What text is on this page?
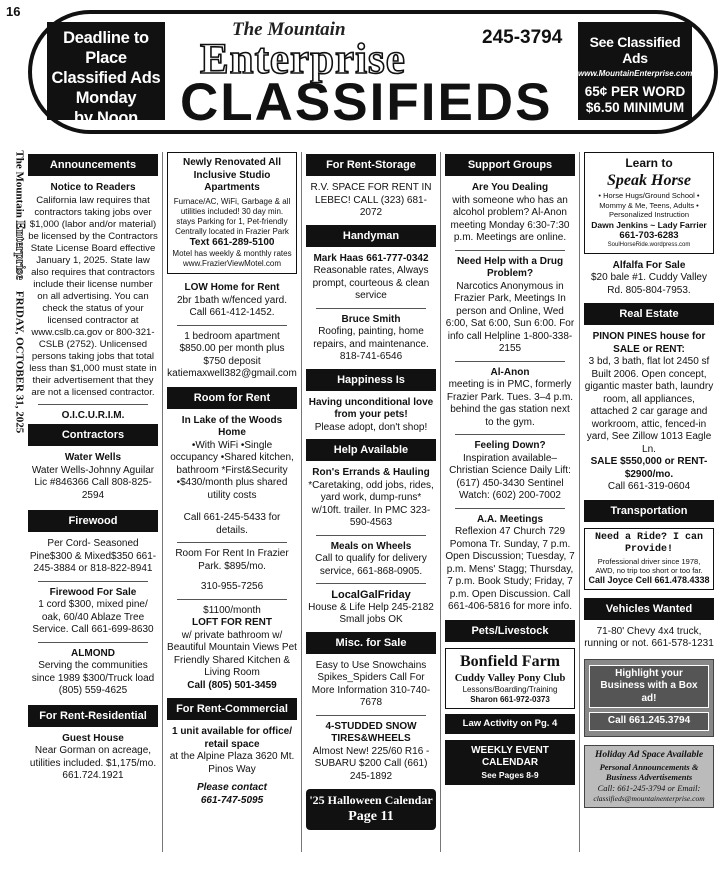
16
Deadline to Place
Classified Ads
Monday
by Noon
The Mountain
Enterprise	245-3794
CLASSIFIEDS
See Classified Ads
www.MountainEnterprise.com
65¢ PER WORD
$6.50 MINIMUM
The Mountain Enterprise    FRIDAY, OCTOBER 31, 2025
Announcements
Notice to Readers
California law requires that contractors taking jobs over $1,000 (labor and/or material) be licensed by the Contractors State License Board effective January 1, 2025. State law also requires that contractors include their license number on all advertising. You can check the status of your licensed contractor at www.cslb.ca.gov or 800-321-CSLB (2752). Unlicensed persons taking jobs that total less than $1,000 must state in their advertisement that they are not a licensed contractor.
O.I.C.U.R.I.M.
Contractors
Water Wells
Water Wells-Johnny Aguilar Lic #846366 Call 808-825-2594
Firewood
Per Cord- Seasoned Pine$300 & Mixed$350 661-245-3884 or 818-822-8941
Firewood For Sale
1 cord $300, mixed pine/ oak, 60/40 Ablaze Tree Service. Call 661-699-8630
ALMOND
Serving the communities since 1989 $300/Truck load (805) 559-4625
For Rent-Residential
Guest House
Near Gorman on acreage, utilities included. $1,175/mo. 661.724.1921
Newly Renovated All Inclusive Studio Apartments
Furnace/AC, WiFi, Garbage & all utilities included! 30 day min. stays Parking for 1, Pet-friendly Centrally located in Frazier Park
Text 661-289-5100
Motel has weekly & monthly rates www.FrazierViewMotel.com
LOW Home for Rent
2br 1bath w/fenced yard. Call 661-412-1452.
1 bedroom apartment $850.00 per month plus $750 deposit katiemaxwell382@gmail.com
Room for Rent
In Lake of the Woods Home
•With WiFi •Single occupancy •Shared kitchen, bathroom *First&Security •$430/month plus shared utility costs
Call 661-245-5433 for details.
Room For Rent In Frazier Park. $895/mo.
310-955-7256
$1100/month
LOFT FOR RENT
w/ private bathroom w/ Beautiful Mountain Views Pet Friendly Shared Kitchen & Living Room
Call (805) 501-3459
For Rent-Commercial
1 unit available for office/ retail space
at the Alpine Plaza 3620 Mt. Pinos Way
Please contact
661-747-5095
For Rent-Storage
R.V. SPACE FOR RENT IN LEBEC! CALL (323) 681-2072
Handyman
Mark Haas 661-777-0342
Reasonable rates, Always prompt, courteous & clean service
Bruce Smith
Roofing, painting, home repairs, and maintenance. 818-741-6546
Happiness Is
Having unconditional love from your pets!
Please adopt, don't shop!
Help Available
Ron's Errands & Hauling
*Caretaking, odd jobs, rides, yard work, dump-runs* w/10ft. trailer. In PMC 323-590-4563
Meals on Wheels
Call to qualify for delivery service, 661-868-0905.
LocalGalFriday
House & Life Help 245-2182 Small jobs OK
Misc. for Sale
Easy to Use Snowchains Spikes_Spiders Call For More Information 310-740-7678
4-STUDDED SNOW TIRES&WHEELS
Almost New! 225/60 R16 - SUBARU $200 Call (661) 245-1892
'25 Halloween Calendar
Page 11
Support Groups
Are You Dealing
with someone who has an alcohol problem? Al-Anon meeting Monday 6:30-7:30 p.m. Meetings are online.
Need Help with a Drug Problem?
Narcotics Anonymous in Frazier Park, Meetings In person and Online, Wed 6:00, Sat 6:00, Sun 6:00. For info call Helpline 1-800-338-2155
Al-Anon
meeting is in PMC, formerly Frazier Park. Tues. 3–4 p.m. behind the gas station next to the gym.
Feeling Down?
Inspiration available– Christian Science Daily Lift: (617) 450-3430 Sentinel Watch: (602) 200-7002
A.A. Meetings
Reflexion 47 Church 729 Pomona Tr. Sunday, 7 p.m. Open Discussion; Tuesday, 7 p.m. Mens' Stagg; Thursday, 7 p.m. Book Study; Friday, 7 p.m. Open Discussion. Call 661-406-5816 for more info.
Pets/Livestock
Bonfield Farm
Cuddy Valley Pony Club
Lessons/Boarding/Training
Sharon 661-972-0373
Law Activity on Pg. 4
WEEKLY EVENT
CALENDAR
See Pages 8-9
Learn to
Speak Horse
• Horse Hugs/Ground School • Mommy & Me, Teens, Adults • Personalized Instruction
Dawn Jenkins ~ Lady Farrier
661-703-6283
SoulHorseRide.wordpress.com
Alfalfa For Sale
$20 bale #1. Cuddy Valley Rd. 805-804-7953.
Real Estate
PINON PINES house for SALE or RENT:
3 bd, 3 bath, flat lot 2450 sf Built 2006. Open concept, gigantic master bath, laundry room, all appliances, attached 2 car garage and workroom, attic, fenced-in yard, See Zillow 1013 Eagle Ln.
SALE $550,000 or RENT- $2900/mo.
Call 661-319-0604
Transportation
Need a Ride? I can Provide!
Professional driver since 1978, AWD, no trip too short or too far.
Call Joyce Cell 661.478.4338
Vehicles Wanted
71-80' Chevy 4x4 truck, running or not. 661-578-1231
Highlight your Business with a Box ad!
Call 661.245.3794
Holiday Ad Space Available
Personal Announcements & Business Advertisements
Call: 661-245-3794 or Email:
classifieds@mountainenterprise.com
